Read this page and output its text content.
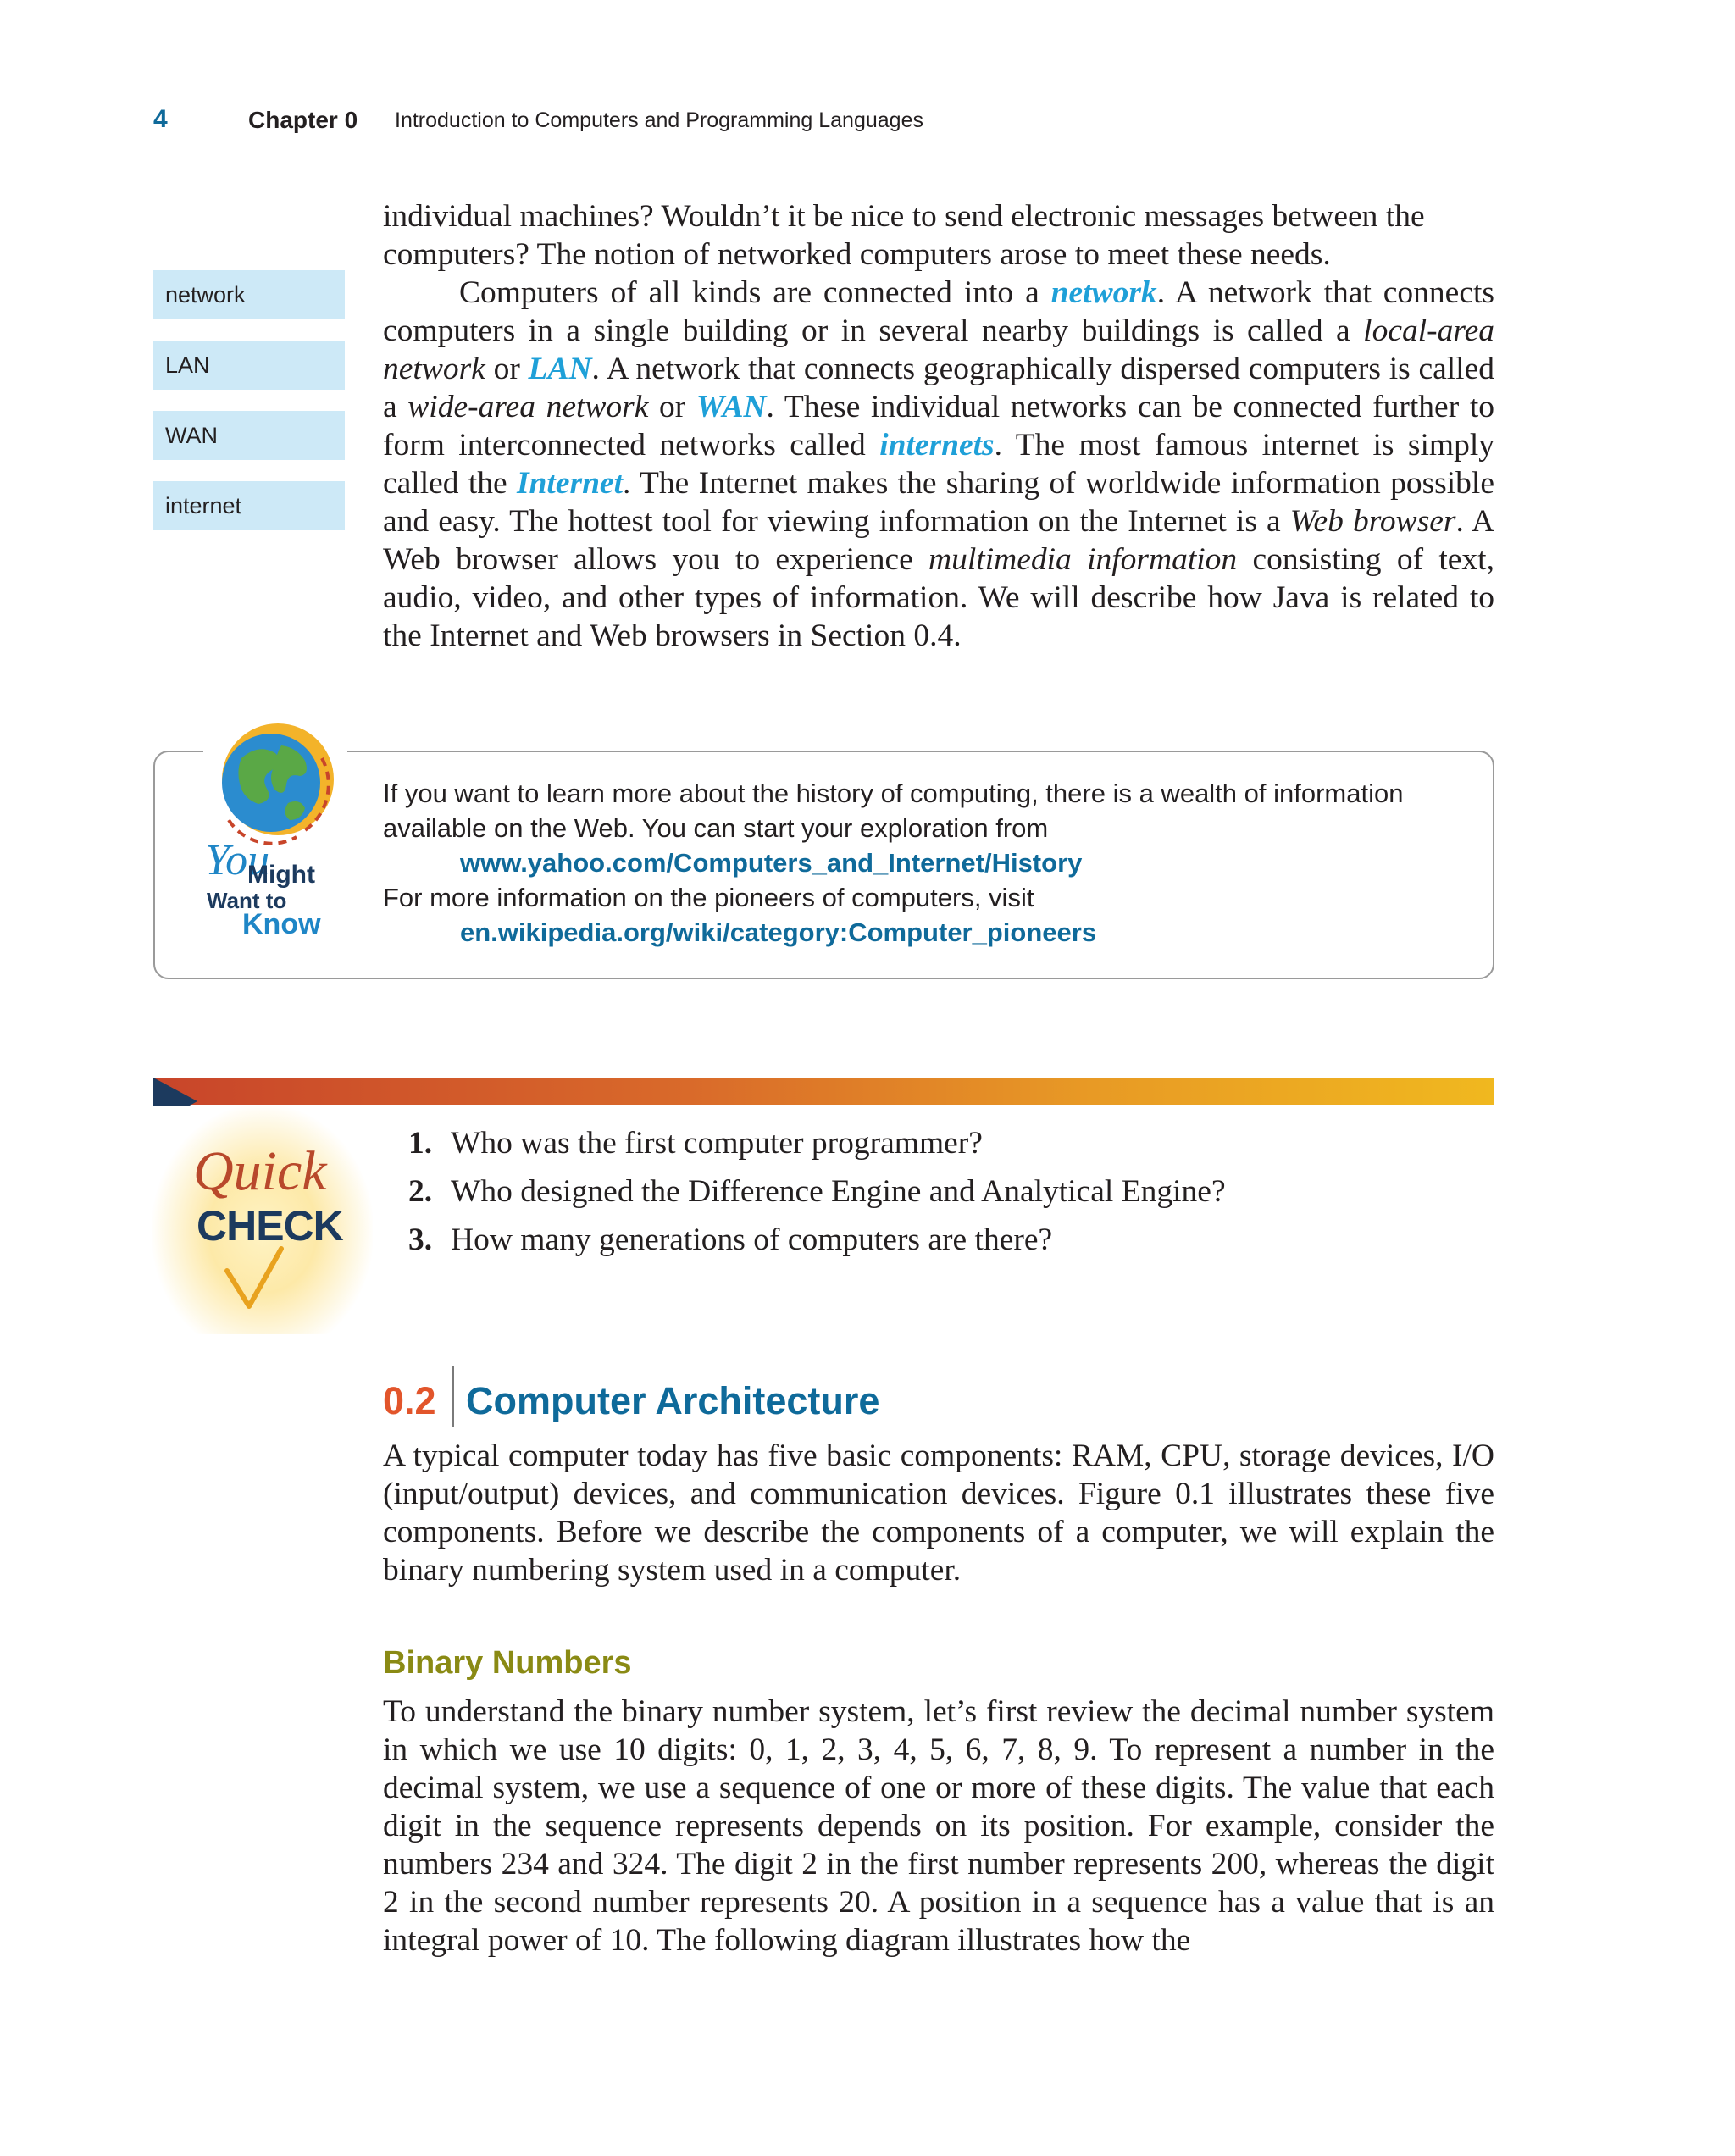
4	Chapter 0 Introduction to Computers and Programming Languages
network
LAN
WAN
internet
individual machines? Wouldn’t it be nice to send electronic messages between the
computers? The notion of networked computers arose to meet these needs.

Computers of all kinds are connected into a network. A network that connects computers in a single building or in several nearby buildings is called a local-area network or LAN. A network that connects geographically dispersed computers is called a wide-area network or WAN. These individual networks can be connected further to form interconnected networks called internets. The most famous internet is simply called the Internet. The Internet makes the sharing of worldwide information possible and easy. The hottest tool for viewing information on the Internet is a Web browser. A Web browser allows you to experience multimedia information consisting of text, audio, video, and other types of information. We will describe how Java is related to the Internet and Web browsers in Section 0.4.

You
Might
Want to
Know
If you want to learn more about the history of computing, there is a wealth of information
available on the Web. You can start your exploration from
www.yahoo.com/Computers_and_Internet/History
For more information on the pioneers of computers, visit
en.wikipedia.org/wiki/category:Computer_pioneers
Quick
CHECK
1. Who was the first computer programmer?
2. Who designed the Difference Engine and Analytical Engine?
3. How many generations of computers are there?
0.2 Computer Architecture

A typical computer today has five basic components: RAM, CPU, storage devices, I/O (input/output) devices, and communication devices. Figure 0.1 illustrates these five components. Before we describe the components of a computer, we will explain the binary numbering system used in a computer.

Binary Numbers

To understand the binary number system, let’s first review the decimal number system in which we use 10 digits: 0, 1, 2, 3, 4, 5, 6, 7, 8, 9. To represent a number in the decimal system, we use a sequence of one or more of these digits. The value that each digit in the sequence represents depends on its position. For example, consider the numbers 234 and 324. The digit 2 in the first number represents 200, whereas the digit 2 in the second number represents 20. A position in a sequence has a value that is an integral power of 10. The following diagram illustrates how the
